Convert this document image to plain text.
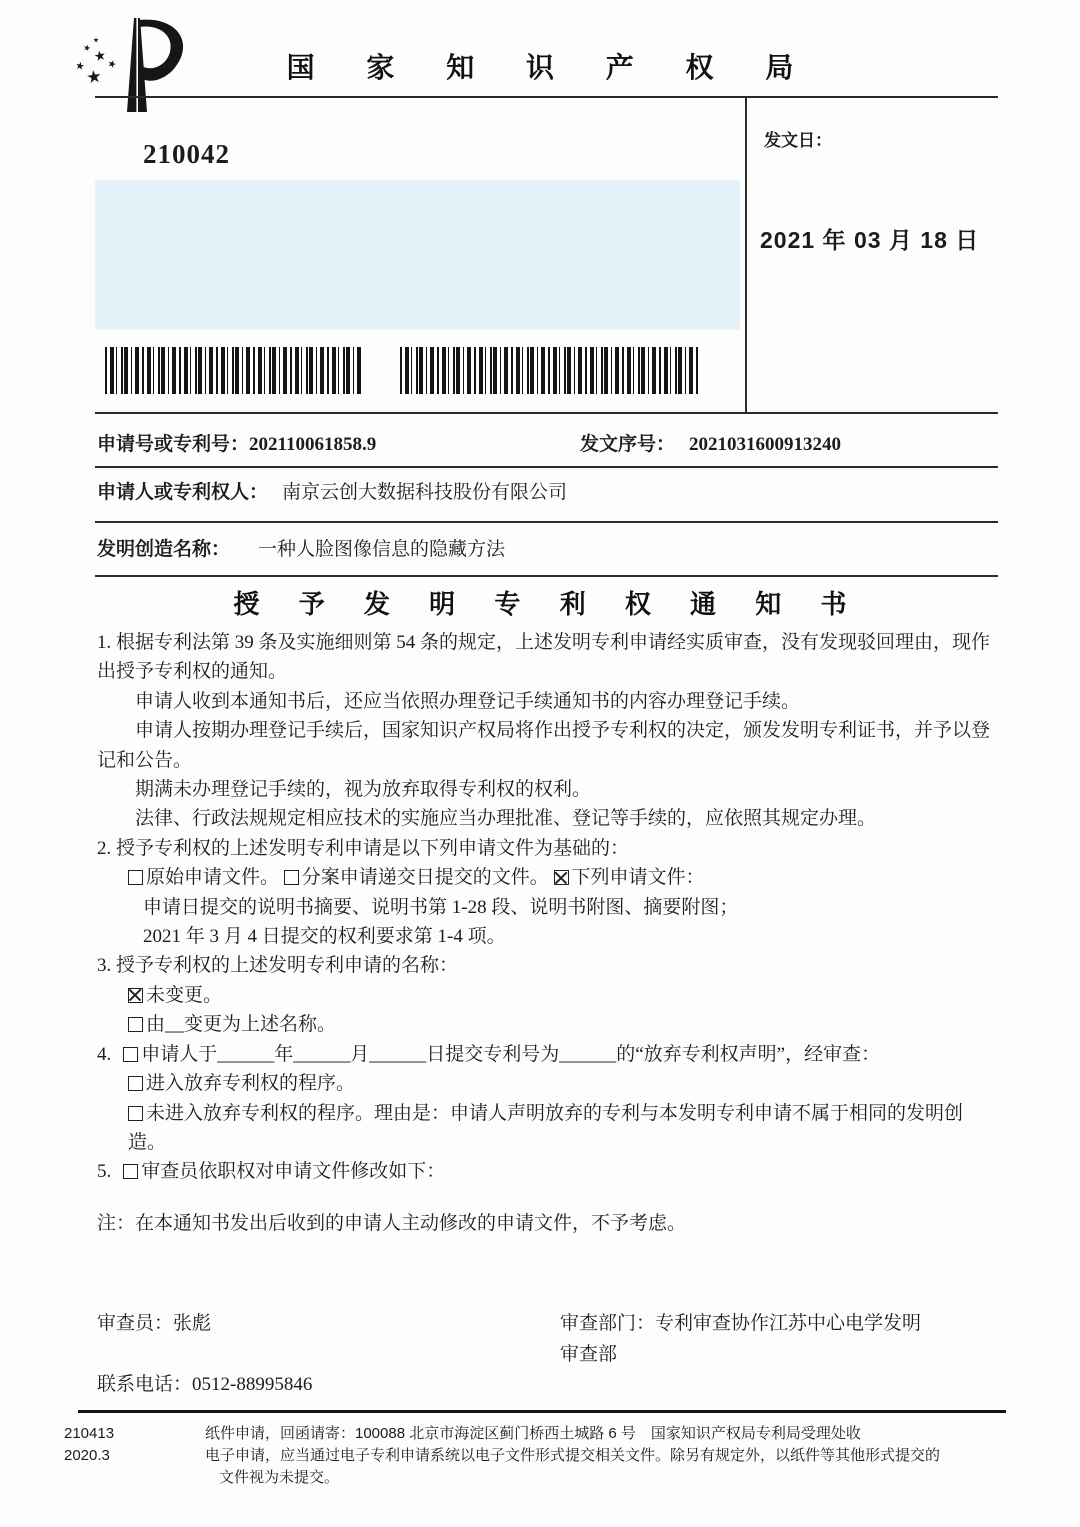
国 家 知 识 产 权 局
发文日：
2021 年 03 月 18 日
210042
申请号或专利号：202110061858.9	发文序号： 2021031600913240
申请人或专利权人： 南京云创大数据科技股份有限公司
发明创造名称： 一种人脸图像信息的隐藏方法
授 予 发 明 专 利 权 通 知 书
1. 根据专利法第 39 条及实施细则第 54 条的规定，上述发明专利申请经实质审查，没有发现驳回理由，现作出授予专利权的通知。
申请人收到本通知书后，还应当依照办理登记手续通知书的内容办理登记手续。
申请人按期办理登记手续后，国家知识产权局将作出授予专利权的决定，颁发发明专利证书，并予以登记和公告。
期满未办理登记手续的，视为放弃取得专利权的权利。
法律、行政法规规定相应技术的实施应当办理批准、登记等手续的，应依照其规定办理。
2. 授予专利权的上述发明专利申请是以下列申请文件为基础的：
原始申请文件。 分案申请递交日提交的文件。 下列申请文件：
申请日提交的说明书摘要、说明书第 1-28 段、说明书附图、摘要附图；
2021 年 3 月 4 日提交的权利要求第 1-4 项。
3. 授予专利权的上述发明专利申请的名称：
未变更。
由__变更为上述名称。
4. 申请人于______年______月______日提交专利号为______的“放弃专利权声明”，经审查：
进入放弃专利权的程序。
未进入放弃专利权的程序。理由是：申请人声明放弃的专利与本发明专利申请不属于相同的发明创造。
5. 审查员依职权对申请文件修改如下：
注：在本通知书发出后收到的申请人主动修改的申请文件，不予考虑。
审查员：张彪	审查部门：专利审查协作江苏中心电学发明
审查部
联系电话：0512-88995846
210413
2020.3
纸件申请，回函请寄：100088 北京市海淀区蓟门桥西土城路 6 号　国家知识产权局专利局受理处收
电子申请，应当通过电子专利申请系统以电子文件形式提交相关文件。除另有规定外，以纸件等其他形式提交的
文件视为未提交。
